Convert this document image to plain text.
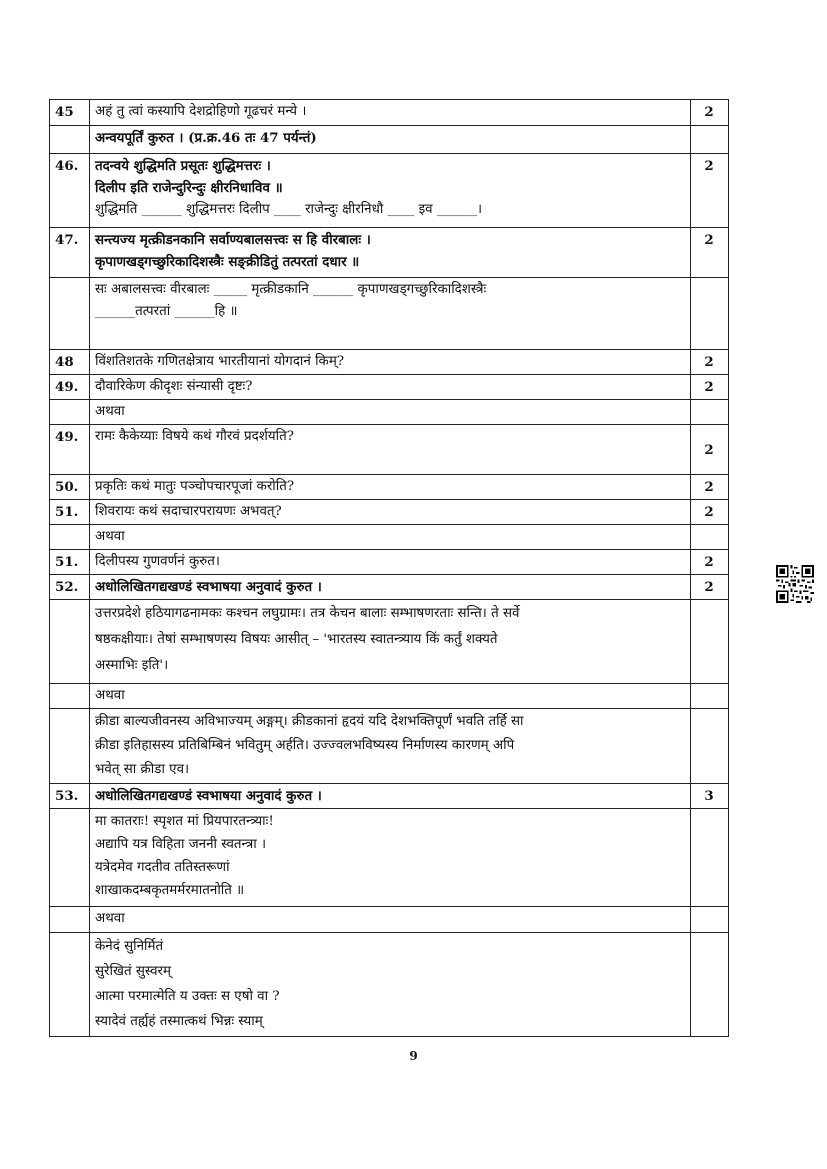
45	अहं तु त्वां कस्यापि देशद्रोहिणो गूढचरं मन्ये ।	2
	अन्वयपूर्तिं कुरुत । (प्र.क्र.46 तः 47 पर्यन्तं)	
46.	तदन्वये शुद्धिमति प्रसूतः शुद्धिमत्तरः ।
दिलीप इति राजेन्दुरिन्दुः क्षीरनिधाविव ॥
शुद्धिमति ______ शुद्धिमत्तरः दिलीप ____ राजेन्दुः क्षीरनिधौ ____ इव ______।	2
47.	सन्त्यज्य मृत्क्रीडनकानि सर्वाण्यबालसत्त्वः स हि वीरबालः ।
कृपाणखड्गच्छुरिकादिशस्त्रैः सङ्क्रीडितुं तत्परतां दधार ॥	2

	सः अबालसत्त्वः वीरबालः _____ मृत्क्रीडकानि ______ कृपाणखड्गच्छुरिकादिशस्त्रैः
______तत्परतां ______हि ॥	

48	विंशतिशतके गणितक्षेत्राय भारतीयानां योगदानं किम्?	2
49.	दौवारिकेण कीदृशः संन्यासी दृष्टः?	2
	अथवा	
49.	रामः कैकेय्याः विषये कथं गौरवं प्रदर्शयति?	2
50.	प्रकृतिः कथं मातुः पञ्चोपचारपूजां करोति?	2
51.	शिवरायः कथं सदाचारपरायणः अभवत्?	2
	अथवा	
51.	दिलीपस्य गुणवर्णनं कुरुत।	2
52.	अधोलिखितगद्यखण्डं स्वभाषया अनुवादं कुरुत ।	2

	उत्तरप्रदेशे हठियागढनामकः कश्चन लघुग्रामः। तत्र केचन बालाः सम्भाषणरताः सन्ति। ते सर्वे
षष्ठकक्षीयाः। तेषां सम्भाषणस्य विषयः आसीत् – 'भारतस्य स्वातन्त्र्याय किं कर्तुं शक्यते
अस्माभिः इति'।	

	अथवा	

	क्रीडा बाल्यजीवनस्य अविभाज्यम् अङ्गम्। क्रीडकानां हृदयं यदि देशभक्तिपूर्णं भवति तर्हि सा
क्रीडा इतिहासस्य प्रतिबिम्बिनं भवितुम् अर्हति। उज्ज्वलभविष्यस्य निर्माणस्य कारणम् अपि
भवेत् सा क्रीडा एव।	

53.	अधोलिखितगद्यखण्डं स्वभाषया अनुवादं कुरुत ।	3

	मा कातराः! स्पृशत मां प्रियपारतन्त्र्याः!
अद्यापि यत्र विहिता जननी स्वतन्त्रा ।
यत्रेदमेव गदतीव ततिस्तरूणां
शाखाकदम्बकृतमर्मरमातनोति ॥	

	अथवा	

	केनेदं सुनिर्मितं
सुरेखितं सुस्वरम्
आत्मा परमात्मेति य उक्तः स एषो वा ?
स्यादेवं तर्ह्यहं तस्मात्कथं भिन्नः स्याम्	

9
